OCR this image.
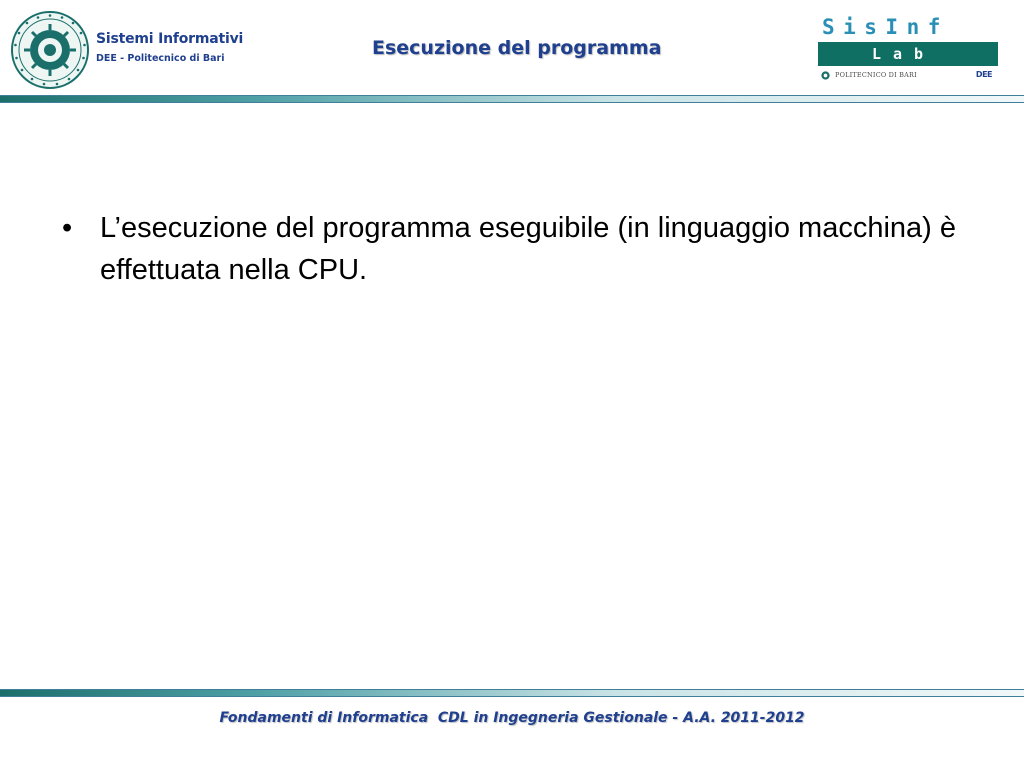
Sistemi Informativi
DEE - Politecnico di Bari	Esecuzione del programma
SisInf
Lab
POLITECNICO DI BARI	DEE
• L’esecuzione del programma eseguibile (in linguaggio macchina) è effettuata nella CPU.
Fondamenti di Informatica  CDL in Ingegneria Gestionale - A.A. 2011-2012
